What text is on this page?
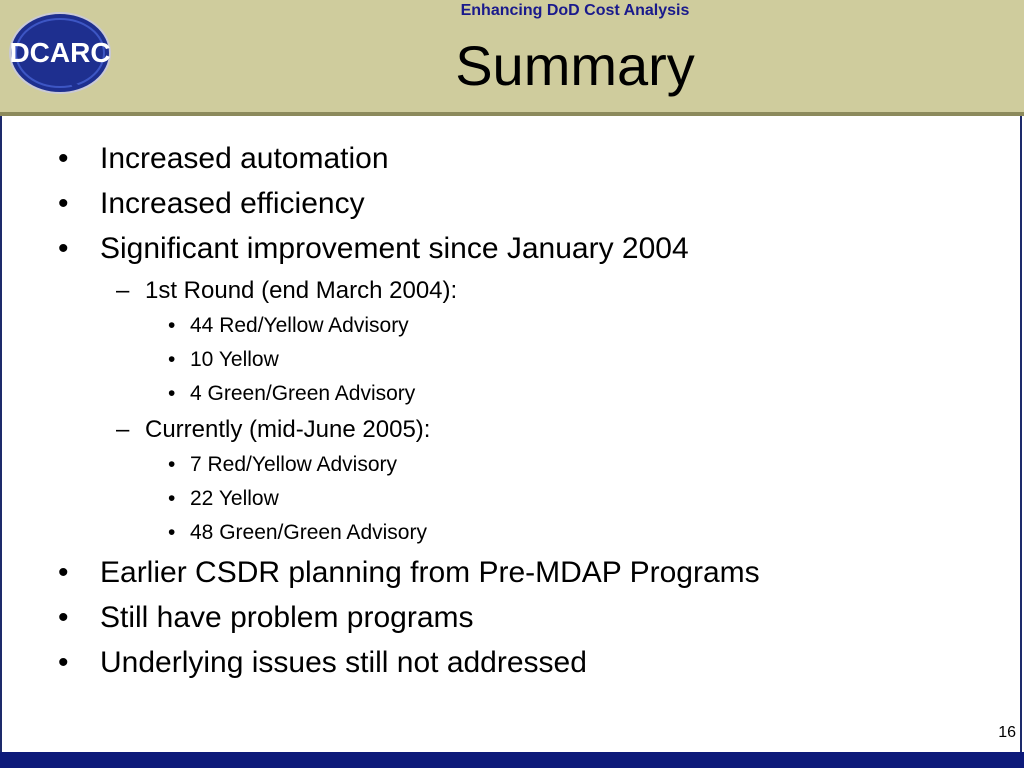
DCARC
Enhancing DoD Cost Analysis
Summary
• Increased automation
• Increased efficiency
• Significant improvement since January 2004
– 1st Round (end March 2004):
• 44 Red/Yellow Advisory
• 10 Yellow
• 4 Green/Green Advisory
– Currently (mid-June 2005):
• 7 Red/Yellow Advisory
• 22 Yellow
• 48 Green/Green Advisory
• Earlier CSDR planning from Pre-MDAP Programs
• Still have problem programs
• Underlying issues still not addressed
16
